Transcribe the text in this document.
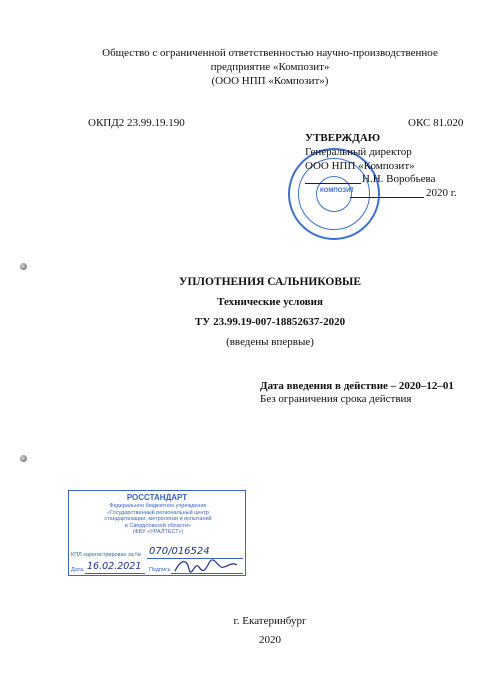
Общество с ограниченной ответственностью научно-производственное
предприятие «Композит»
(ООО НПП «Композит»)
ОКПД2 23.99.19.190	ОКС 81.020
КОМПОЗИТ
УТВЕРЖДАЮ
Генеральный директор
ООО НПП «Композит»
Н.Н. Воробьева
2020 г.
УПЛОТНЕНИЯ САЛЬНИКОВЫЕ
Технические условия
ТУ 23.99.19-007-18852637-2020
(введены впервые)
Дата введения в действие – 2020–12–01
Без ограничения срока действия
РОССТАНДАРТ
Федеральное бюджетное учреждение
«Государственный региональный центр
стандартизации, метрологии и испытаний
в Свердловской области»
(ФБУ «УРАЛТЕСТ»)
КПЛ зарегистрирован за № 070/016524
Дата 16.02.2021 Подпись
г. Екатеринбург
2020
